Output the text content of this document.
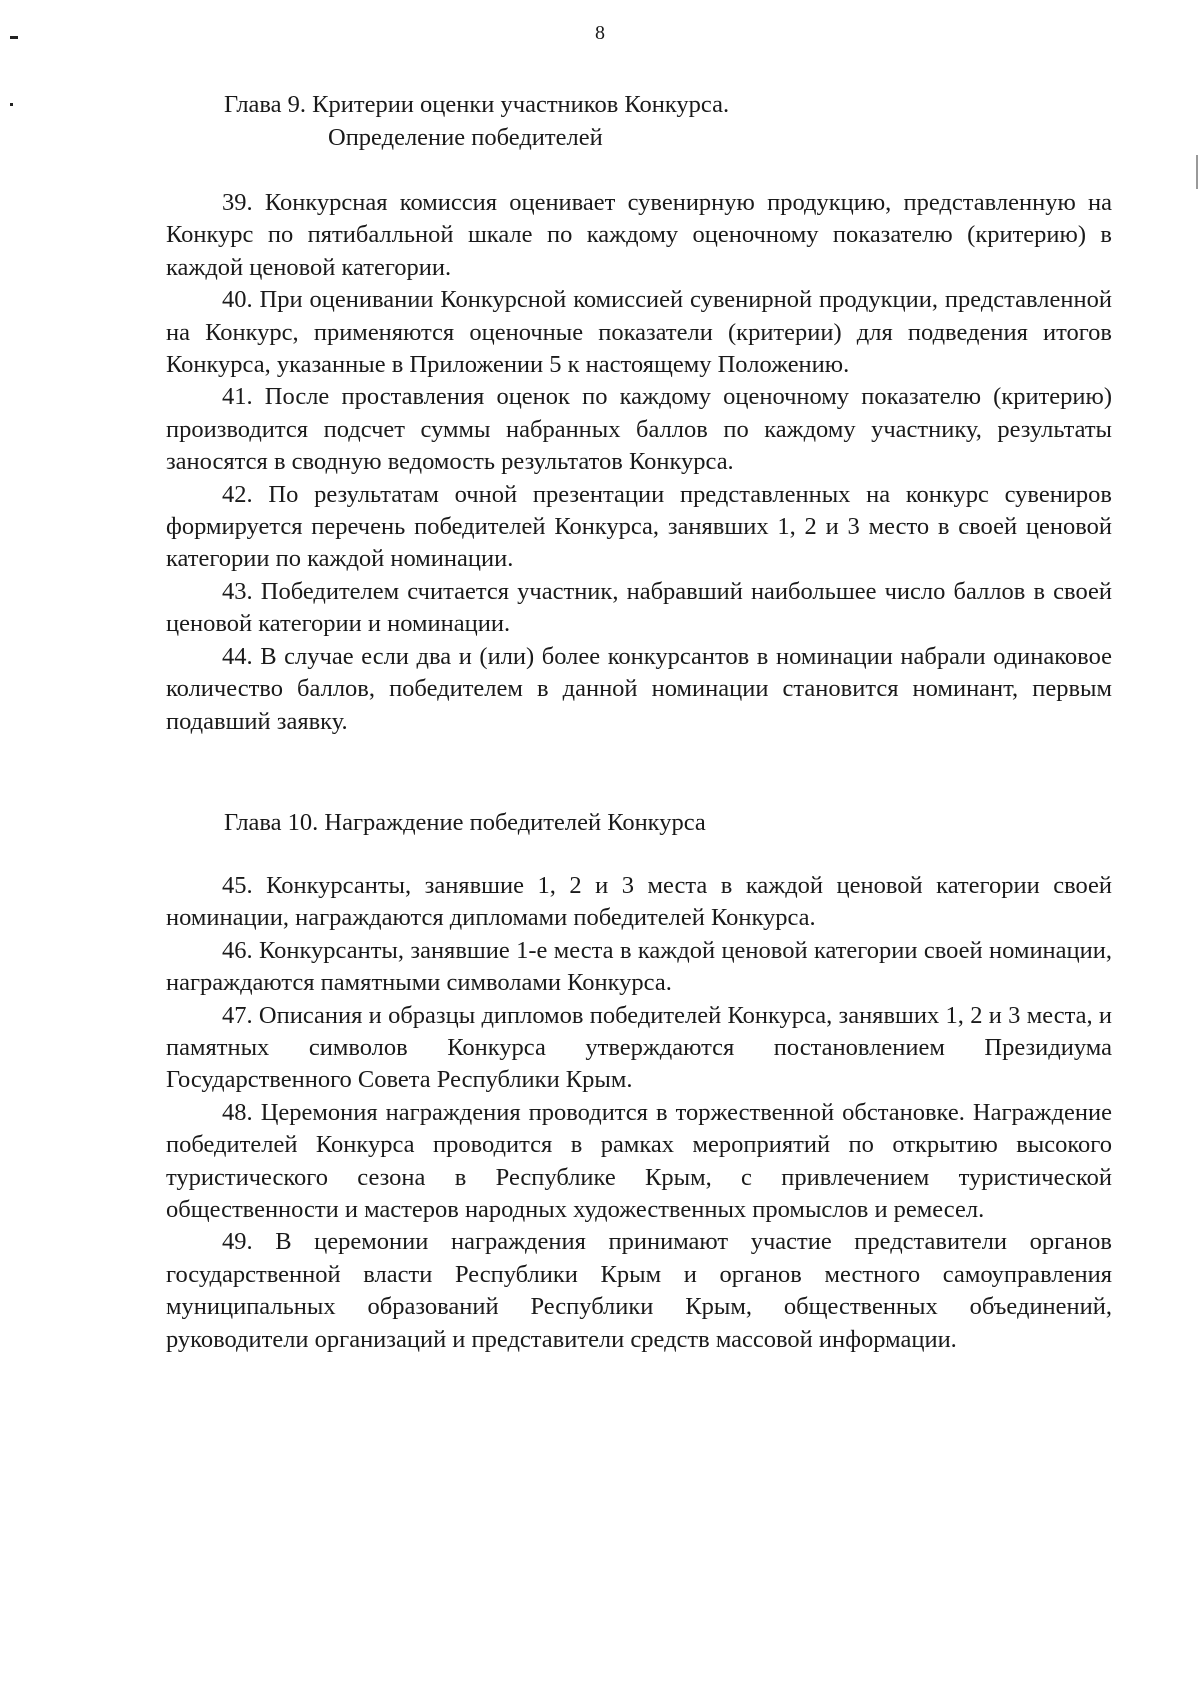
8
Глава 9. Критерии оценки участников Конкурса.
Определение победителей

39. Конкурсная комиссия оценивает сувенирную продукцию, представленную на Конкурс по пятибалльной шкале по каждому оценочному показателю (критерию) в каждой ценовой категории.

40. При оценивании Конкурсной комиссией сувенирной продукции, представленной на Конкурс, применяются оценочные показатели (критерии) для подведения итогов Конкурса, указанные в Приложении 5 к настоящему Положению.

41. После проставления оценок по каждому оценочному показателю (критерию) производится подсчет суммы набранных баллов по каждому участнику, результаты заносятся в сводную ведомость результатов Конкурса.

42. По результатам очной презентации представленных на конкурс сувениров формируется перечень победителей Конкурса, занявших 1, 2 и 3 место в своей ценовой категории по каждой номинации.

43. Победителем считается участник, набравший наибольшее число баллов в своей ценовой категории и номинации.

44. В случае если два и (или) более конкурсантов в номинации набрали одинаковое количество баллов, победителем в данной номинации становится номинант, первым подавший заявку.

Глава 10. Награждение победителей Конкурса

45. Конкурсанты, занявшие 1, 2 и 3 места в каждой ценовой категории своей номинации, награждаются дипломами победителей Конкурса.

46. Конкурсанты, занявшие 1-е места в каждой ценовой категории своей номинации, награждаются памятными символами Конкурса.

47. Описания и образцы дипломов победителей Конкурса, занявших 1, 2 и 3 места, и памятных символов Конкурса утверждаются постановлением Президиума Государственного Совета Республики Крым.

48. Церемония награждения проводится в торжественной обстановке. Награждение победителей Конкурса проводится в рамках мероприятий по открытию высокого туристического сезона в Республике Крым, с привлечением туристической общественности и мастеров народных художественных промыслов и ремесел.

49. В церемонии награждения принимают участие представители органов государственной власти Республики Крым и органов местного самоуправления муниципальных образований Республики Крым, общественных объединений, руководители организаций и представители средств массовой информации.
